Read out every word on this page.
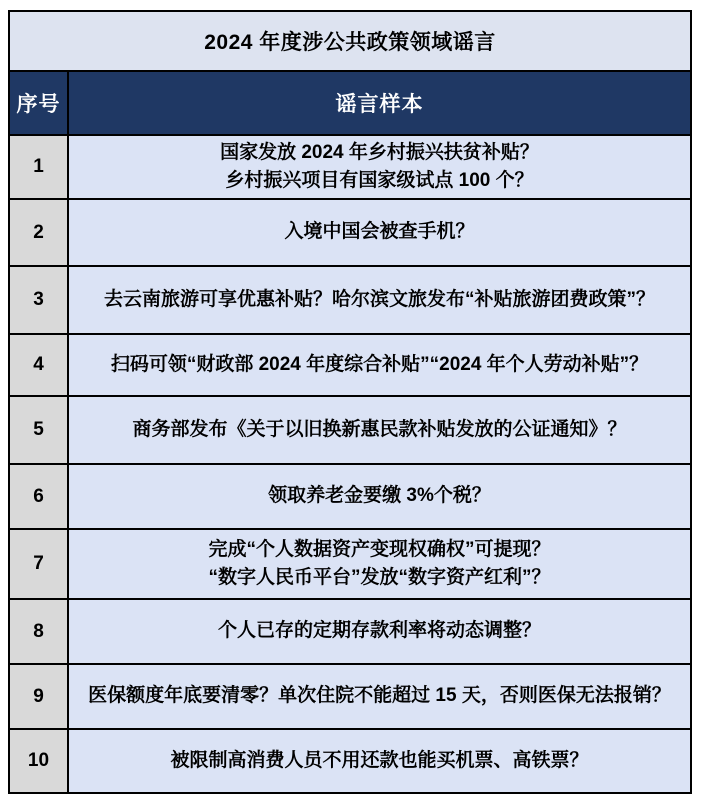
2024 年度涉公共政策领域谣言	
序号	谣言样本
1	国家发放 2024 年乡村振兴扶贫补贴？
乡村振兴项目有国家级试点 100 个？

2	入境中国会被查手机？

3	去云南旅游可享优惠补贴？哈尔滨文旅发布“补贴旅游团费政策”？

4	扫码可领“财政部 2024 年度综合补贴”“2024 年个人劳动补贴”？

5	商务部发布《关于以旧换新惠民款补贴发放的公证通知》？

6	领取养老金要缴 3%个税？

7	完成“个人数据资产变现权确权”可提现？
“数字人民币平台”发放“数字资产红利”？

8	个人已存的定期存款利率将动态调整？

9	医保额度年底要清零？单次住院不能超过 15 天，否则医保无法报销？

10	被限制高消费人员不用还款也能买机票、高铁票？
